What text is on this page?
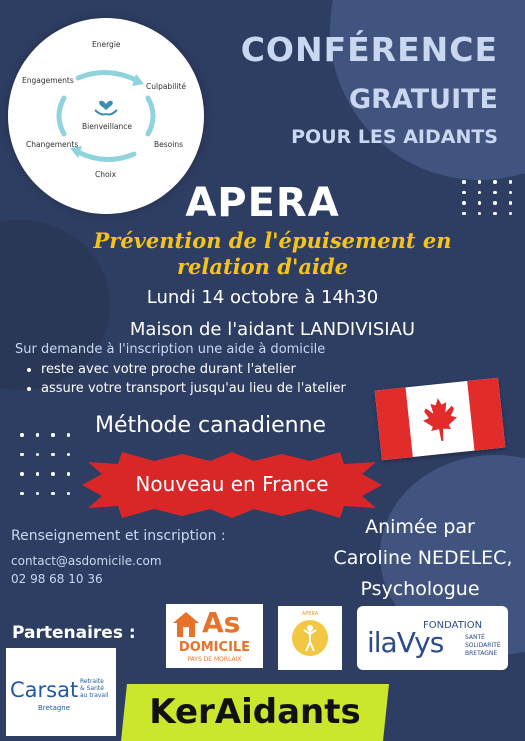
Energie
Engagements
Culpabilité
Bienveillance
Changements	Besoins
Choix
CONFÉRENCE
GRATUITE
POUR LES AIDANTS
APERA
Prévention de l'épuisement en
relation d'aide
Lundi 14 octobre à 14h30
Maison de l'aidant LANDIVISIAU
Sur demande à l'inscription une aide à domicile
• reste avec votre proche durant l'atelier
• assure votre transport jusqu'au lieu de l'atelier
Méthode canadienne
Nouveau en France
Renseignement et inscription :
contact@asdomicile.com
02 98 68 10 36
Animée par
Caroline NEDELEC,
Psychologue
Partenaires : As
DOMICILE
PAYS DE MORLAIX
APERA
FONDATION
ilaVys	SANTÉ
SOLIDARITÉ
BRETAGNE
Carsat Retraite
& Santé
au travail
Bretagne	KerAidants
